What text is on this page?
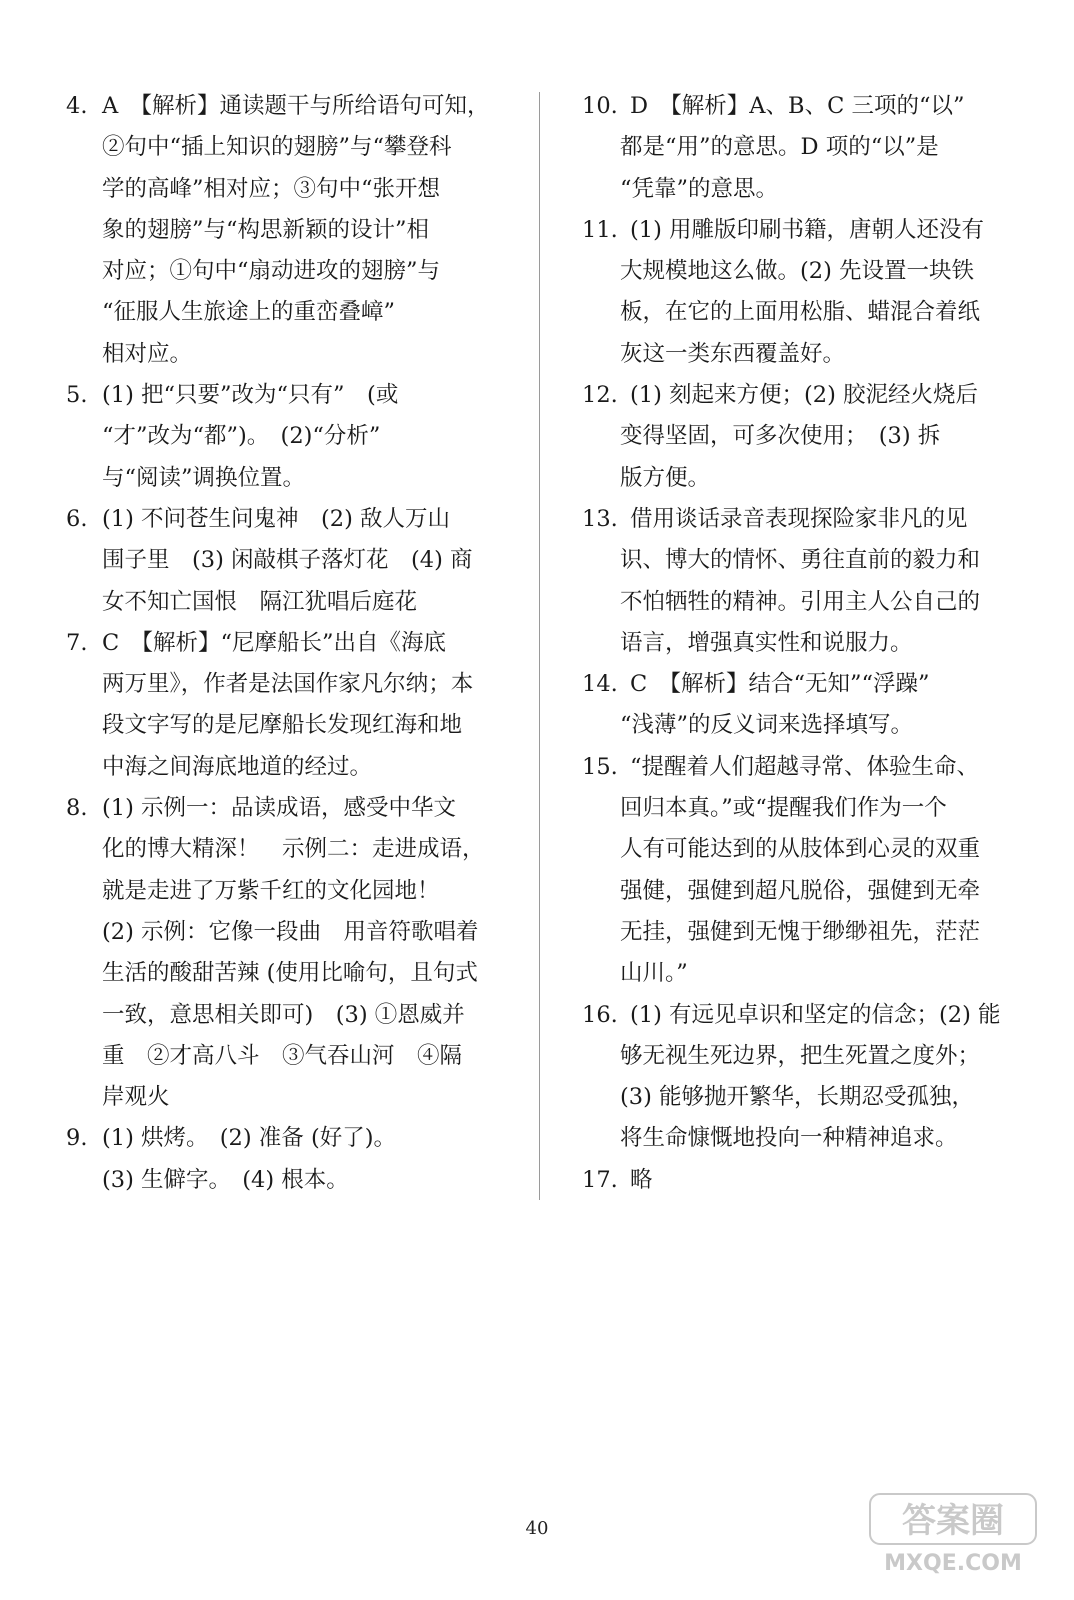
4. A　【解析】通读题干与所给语句可知，
②句中“插上知识的翅膀”与“攀登科
学的高峰”相对应；③句中“张开想
象的翅膀”与“构思新颖的设计”相
对应；①句中“扇动进攻的翅膀”与
“征服人生旅途上的重峦叠嶂”
相对应。
5. (1) 把“只要”改为“只有”　(或
“才”改为“都”)。　(2)“分析”
与“阅读”调换位置。
6. (1) 不问苍生问鬼神　(2) 敌人万山
围子里　(3) 闲敲棋子落灯花　(4) 商
女不知亡国恨　隔江犹唱后庭花
7. C　【解析】“尼摩船长”出自《海底
两万里》，作者是法国作家凡尔纳；本
段文字写的是尼摩船长发现红海和地
中海之间海底地道的经过。
8. (1) 示例一：品读成语，感受中华文
化的博大精深！　示例二：走进成语，
就是走进了万紫千红的文化园地！
(2) 示例：它像一段曲　用音符歌唱着
生活的酸甜苦辣 (使用比喻句，且句式
一致，意思相关即可)　(3) ①恩威并
重　②才高八斗　③气吞山河　④隔
岸观火
9. (1) 烘烤。　(2) 准备 (好了)。
(3) 生僻字。　(4) 根本。
10. D　【解析】A、B、C 三项的“以”
都是“用”的意思。D 项的“以”是
“凭靠”的意思。
11. (1) 用雕版印刷书籍，唐朝人还没有
大规模地这么做。(2) 先设置一块铁
板，在它的上面用松脂、蜡混合着纸
灰这一类东西覆盖好。
12. (1) 刻起来方便；(2) 胶泥经火烧后
变得坚固，可多次使用；　(3) 拆
版方便。
13. 借用谈话录音表现探险家非凡的见
识、博大的情怀、勇往直前的毅力和
不怕牺牲的精神。引用主人公自己的
语言，增强真实性和说服力。
14. C　【解析】结合“无知”“浮躁”
“浅薄”的反义词来选择填写。
15. “提醒着人们超越寻常、体验生命、
回归本真。”或“提醒我们作为一个
人有可能达到的从肢体到心灵的双重
强健，强健到超凡脱俗，强健到无牵
无挂，强健到无愧于缈缈祖先，茫茫
山川。”
16. (1) 有远见卓识和坚定的信念；(2) 能
够无视生死边界，把生死置之度外；
(3) 能够抛开繁华，长期忍受孤独，
将生命慷慨地投向一种精神追求。
17. 略
40	答案圈
MXQE.COM
